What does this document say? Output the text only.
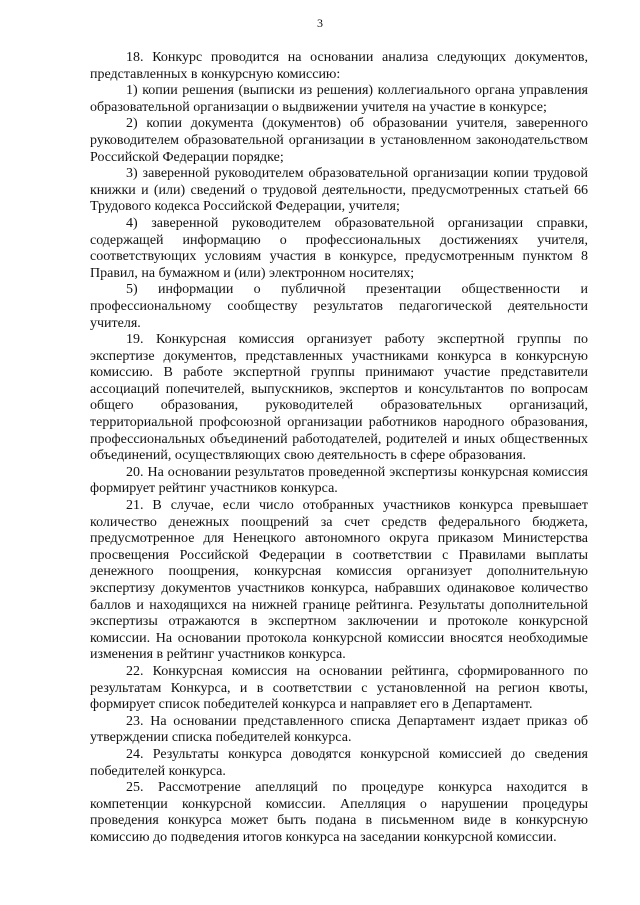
3

18. Конкурс проводится на основании анализа следующих документов, представленных в конкурсную комиссию:

1) копии решения (выписки из решения) коллегиального органа управления образовательной организации о выдвижении учителя на участие в конкурсе;

2) копии документа (документов) об образовании учителя, заверенного руководителем образовательной организации в установленном законодательством Российской Федерации порядке;

3) заверенной руководителем образовательной организации копии трудовой книжки и (или) сведений о трудовой деятельности, предусмотренных статьей 66 Трудового кодекса Российской Федерации, учителя;

4) заверенной руководителем образовательной организации справки, содержащей информацию о профессиональных достижениях учителя, соответствующих условиям участия в конкурсе, предусмотренным пунктом 8 Правил, на бумажном и (или) электронном носителях;

5) информации о публичной презентации общественности и профессиональному сообществу результатов педагогической деятельности учителя.

19. Конкурсная комиссия организует работу экспертной группы по экспертизе документов, представленных участниками конкурса в конкурсную комиссию. В работе экспертной группы принимают участие представители ассоциаций попечителей, выпускников, экспертов и консультантов по вопросам общего образования, руководителей образовательных организаций, территориальной профсоюзной организации работников народного образования, профессиональных объединений работодателей, родителей и иных общественных объединений, осуществляющих свою деятельность в сфере образования.

20. На основании результатов проведенной экспертизы конкурсная комиссия формирует рейтинг участников конкурса.

21. В случае, если число отобранных участников конкурса превышает количество денежных поощрений за счет средств федерального бюджета, предусмотренное для Ненецкого автономного округа приказом Министерства просвещения Российской Федерации в соответствии с Правилами выплаты денежного поощрения, конкурсная комиссия организует дополнительную экспертизу документов участников конкурса, набравших одинаковое количество баллов и находящихся на нижней границе рейтинга. Результаты дополнительной экспертизы отражаются в экспертном заключении и протоколе конкурсной комиссии. На основании протокола конкурсной комиссии вносятся необходимые изменения в рейтинг участников конкурса.

22. Конкурсная комиссия на основании рейтинга, сформированного по результатам Конкурса, и в соответствии с установленной на регион квоты, формирует список победителей конкурса и направляет его в Департамент.

23. На основании представленного списка Департамент издает приказ об утверждении списка победителей конкурса.

24. Результаты конкурса доводятся конкурсной комиссией до сведения победителей конкурса.

25. Рассмотрение апелляций по процедуре конкурса находится в компетенции конкурсной комиссии. Апелляция о нарушении процедуры проведения конкурса может быть подана в письменном виде в конкурсную комиссию до подведения итогов конкурса на заседании конкурсной комиссии.
